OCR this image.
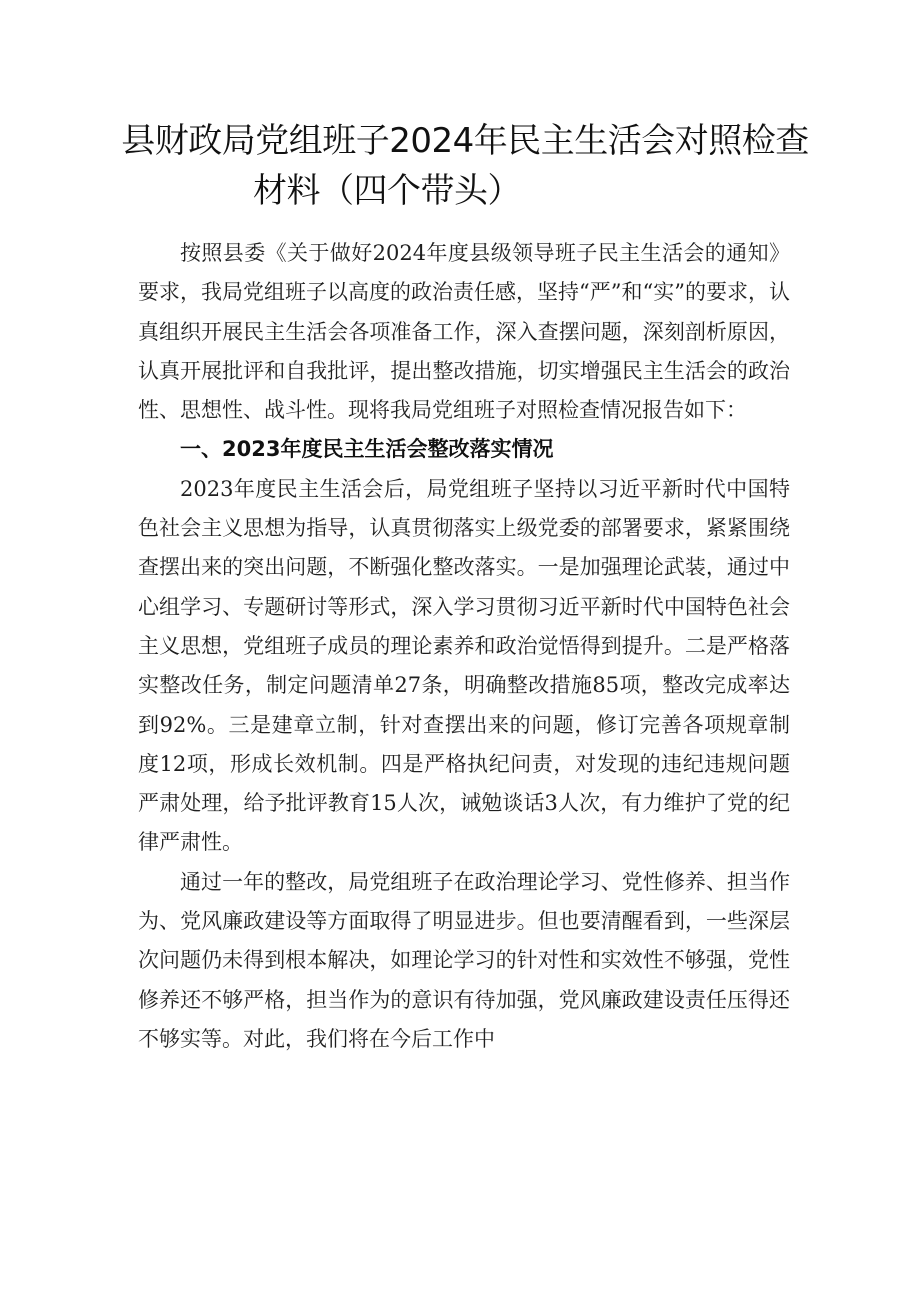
县财政局党组班子2024年民主生活会对照检查
材料（四个带头）

按照县委《关于做好2024年度县级领导班子民主生活会的通知》要求，我局党组班子以高度的政治责任感，坚持“严”和“实”的要求，认真组织开展民主生活会各项准备工作，深入查摆问题，深刻剖析原因，认真开展批评和自我批评，提出整改措施，切实增强民主生活会的政治性、思想性、战斗性。现将我局党组班子对照检查情况报告如下：

一、2023年度民主生活会整改落实情况

2023年度民主生活会后，局党组班子坚持以习近平新时代中国特色社会主义思想为指导，认真贯彻落实上级党委的部署要求，紧紧围绕查摆出来的突出问题，不断强化整改落实。一是加强理论武装，通过中心组学习、专题研讨等形式，深入学习贯彻习近平新时代中国特色社会主义思想，党组班子成员的理论素养和政治觉悟得到提升。二是严格落实整改任务，制定问题清单27条，明确整改措施85项，整改完成率达到92%。三是建章立制，针对查摆出来的问题，修订完善各项规章制度12项，形成长效机制。四是严格执纪问责，对发现的违纪违规问题严肃处理，给予批评教育15人次，诫勉谈话3人次，有力维护了党的纪律严肃性。

通过一年的整改，局党组班子在政治理论学习、党性修养、担当作为、党风廉政建设等方面取得了明显进步。但也要清醒看到，一些深层次问题仍未得到根本解决，如理论学习的针对性和实效性不够强，党性修养还不够严格，担当作为的意识有待加强，党风廉政建设责任压得还不够实等。对此，我们将在今后工作中
